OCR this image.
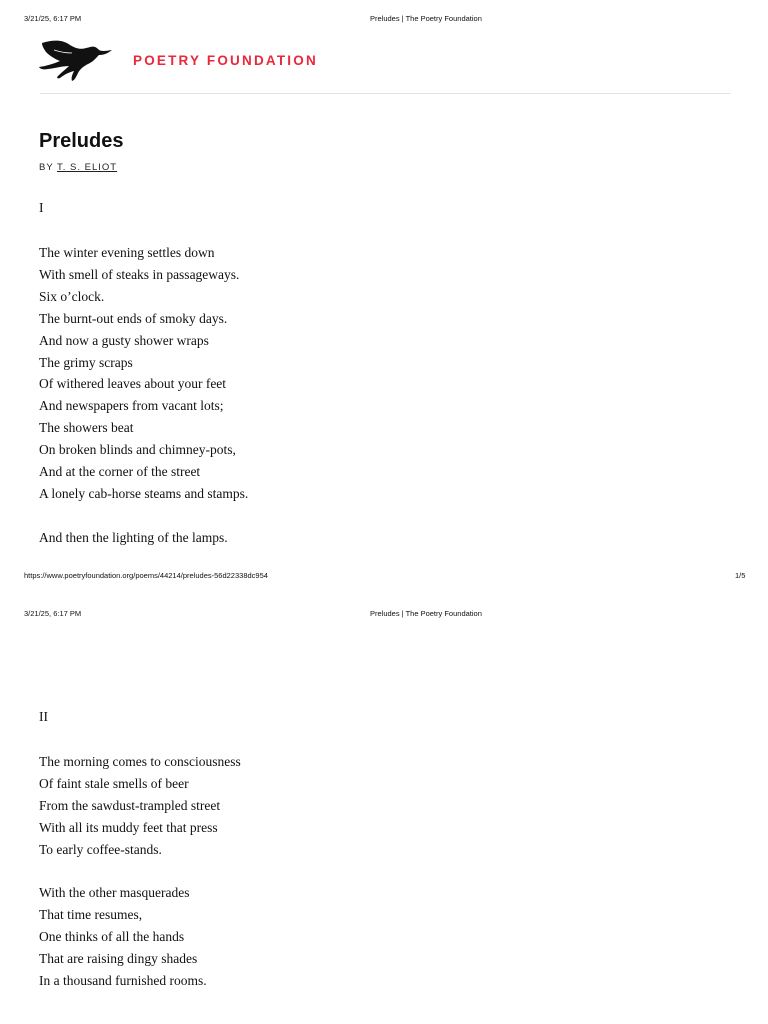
3/21/25, 6:17 PM	Preludes | The Poetry Foundation
POETRY FOUNDATION
Preludes
BY T. S. ELIOT
I
The winter evening settles down
With smell of steaks in passageways.
Six o’clock.
The burnt-out ends of smoky days.
And now a gusty shower wraps
The grimy scraps
Of withered leaves about your feet
And newspapers from vacant lots;
The showers beat
On broken blinds and chimney-pots,
And at the corner of the street
A lonely cab-horse steams and stamps.
And then the lighting of the lamps.
https://www.poetryfoundation.org/poems/44214/preludes-56d22338dc954	1/5
3/21/25, 6:17 PM	Preludes | The Poetry Foundation
II
The morning comes to consciousness
Of faint stale smells of beer
From the sawdust-trampled street
With all its muddy feet that press
To early coffee-stands.
With the other masquerades
That time resumes,
One thinks of all the hands
That are raising dingy shades
In a thousand furnished rooms.
